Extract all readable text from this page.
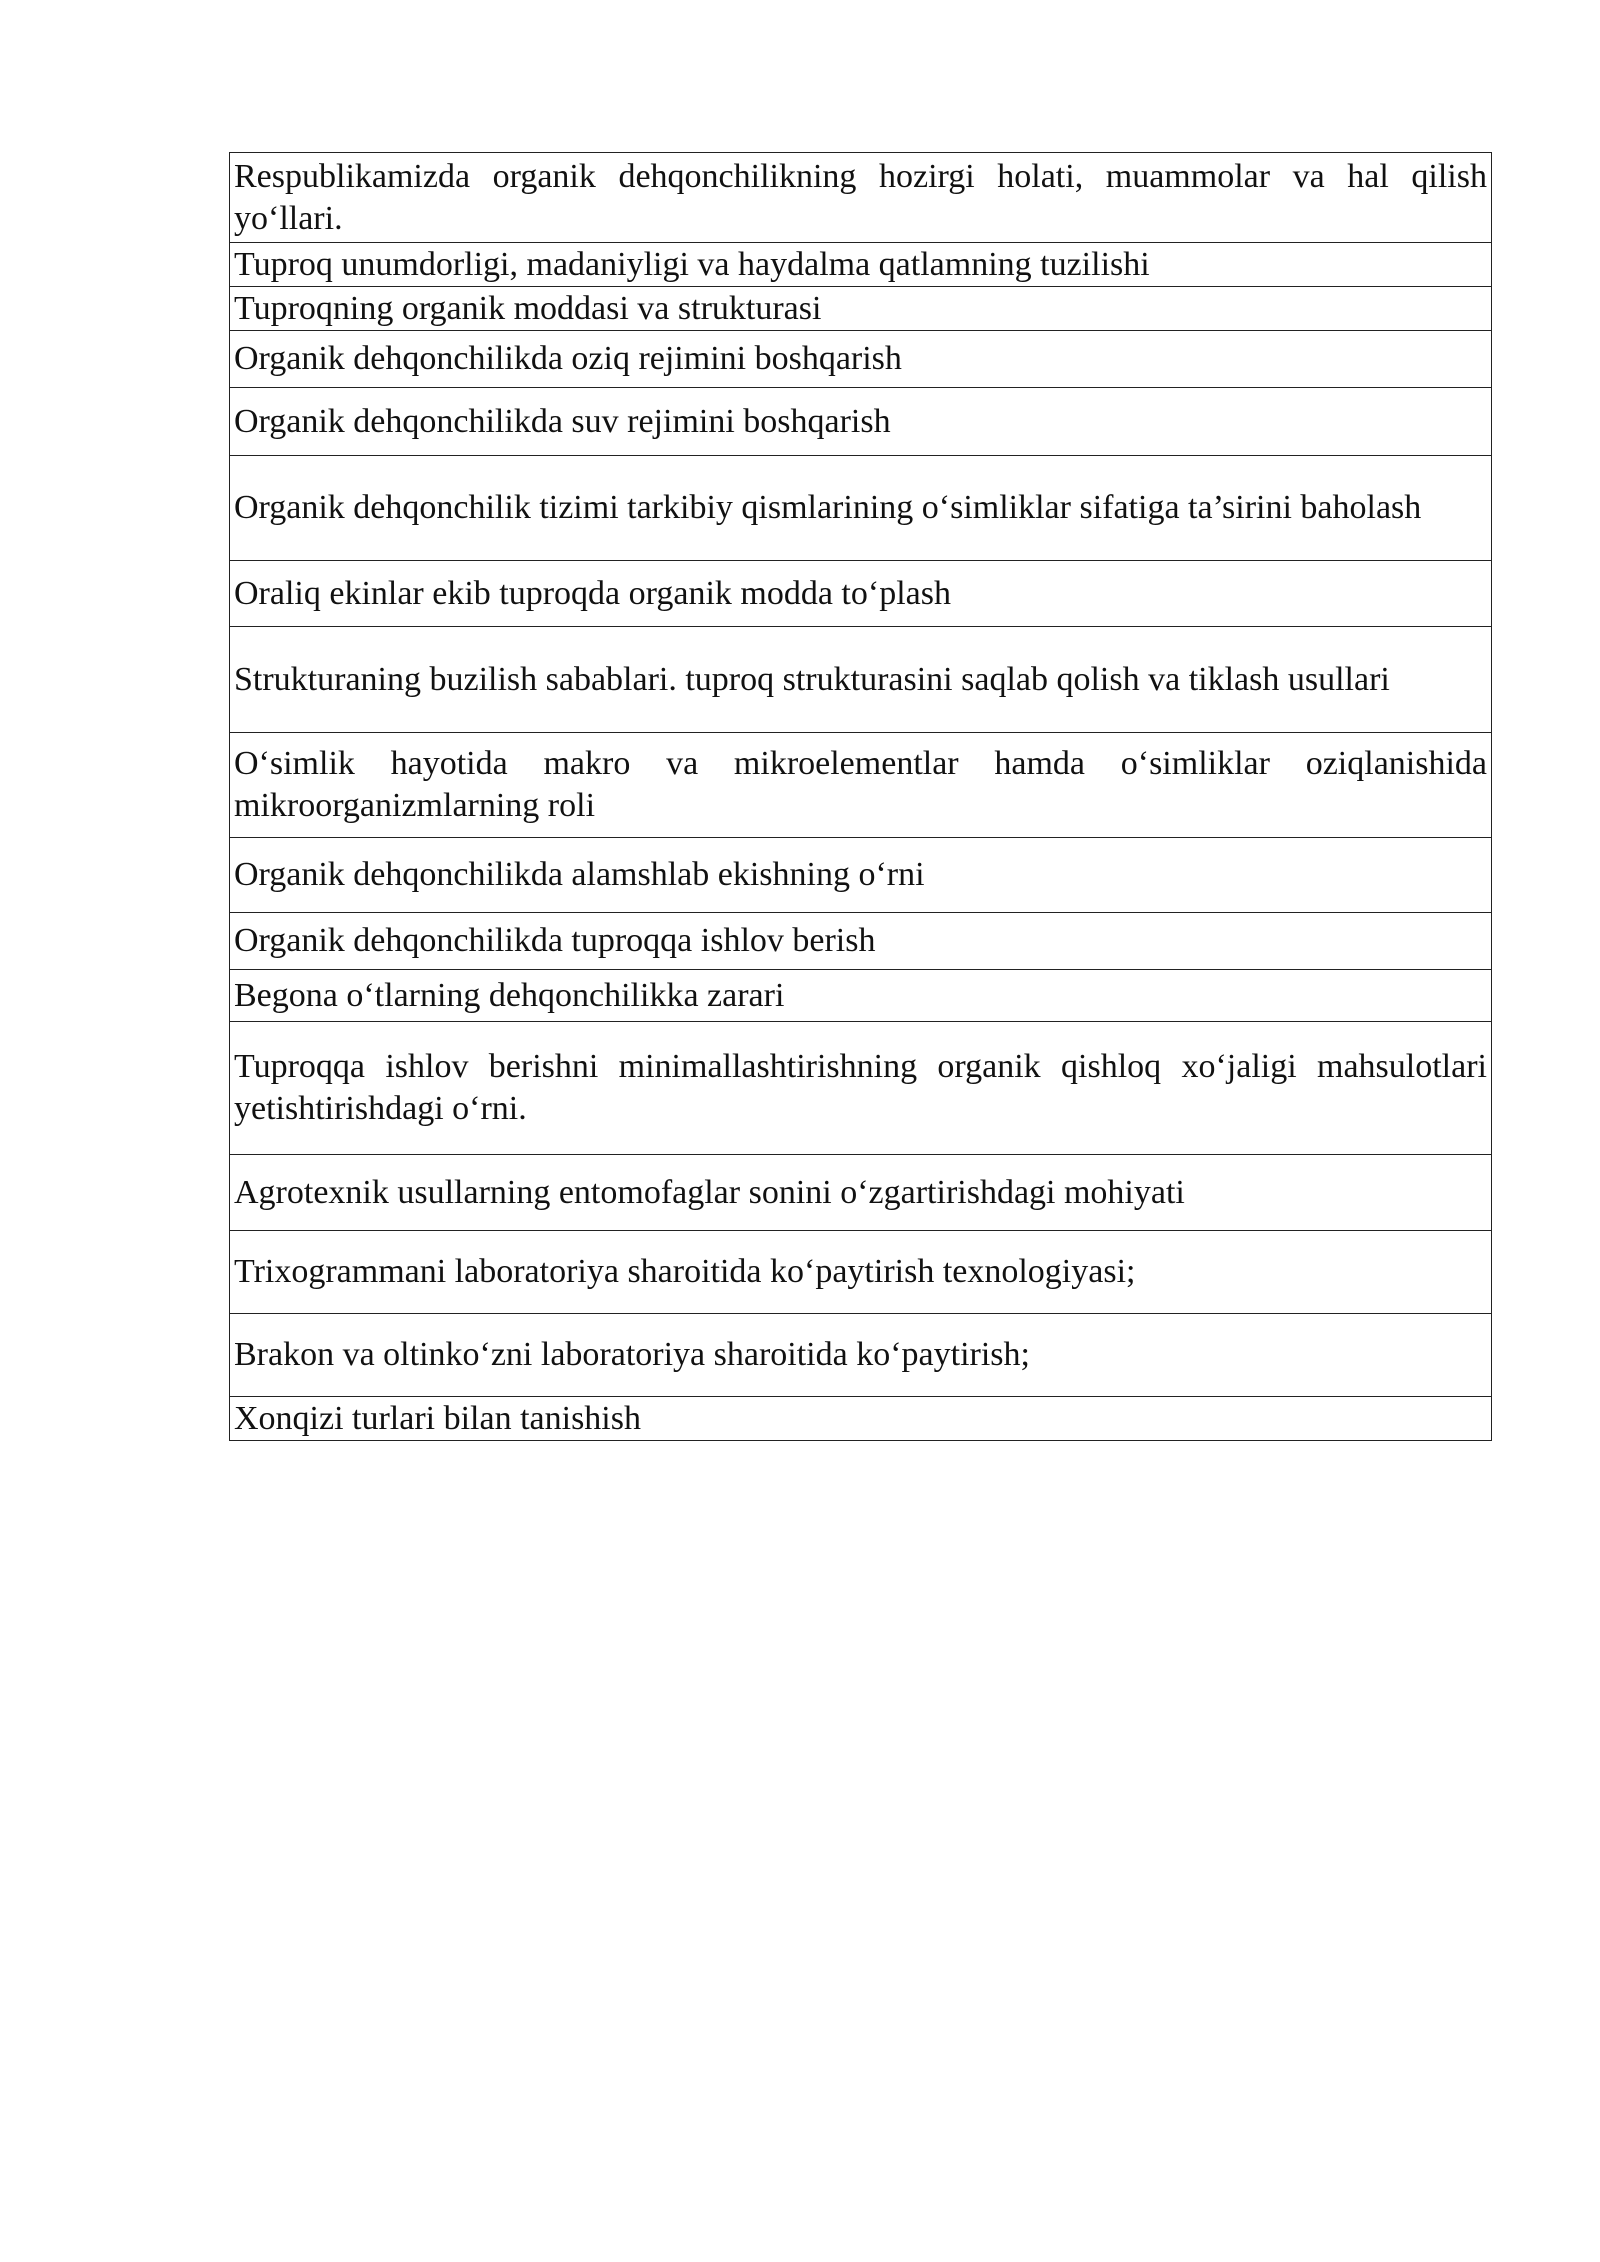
Respublikamizda organik dehqonchilikning hozirgi holati, muammolar va hal qilish yo‘llari.
Tuproq unumdorligi, madaniyligi va haydalma qatlamning tuzilishi
Tuproqning organik moddasi va strukturasi
Organik dehqonchilikda oziq rejimini boshqarish
Organik dehqonchilikda suv rejimini boshqarish
Organik dehqonchilik tizimi tarkibiy qismlarining o‘simliklar sifatiga ta’sirini baholash
Oraliq ekinlar ekib tuproqda organik modda to‘plash
Strukturaning buzilish sabablari. tuproq strukturasini saqlab qolish va tiklash usullari
O‘simlik hayotida makro va mikroelementlar hamda o‘simliklar oziqlanishida mikroorganizmlarning roli
Organik dehqonchilikda alamshlab ekishning o‘rni
Organik dehqonchilikda tuproqqa ishlov berish
Begona o‘tlarning dehqonchilikka zarari
Tuproqqa ishlov berishni minimallashtirishning organik qishloq xo‘jaligi mahsulotlari yetishtirishdagi o‘rni.
Agrotexnik usullarning entomofaglar sonini o‘zgartirishdagi mohiyati
Trixogrammani laboratoriya sharoitida ko‘paytirish texnologiyasi;
Brakon va oltinko‘zni laboratoriya sharoitida ko‘paytirish;
Xonqizi turlari bilan tanishish
